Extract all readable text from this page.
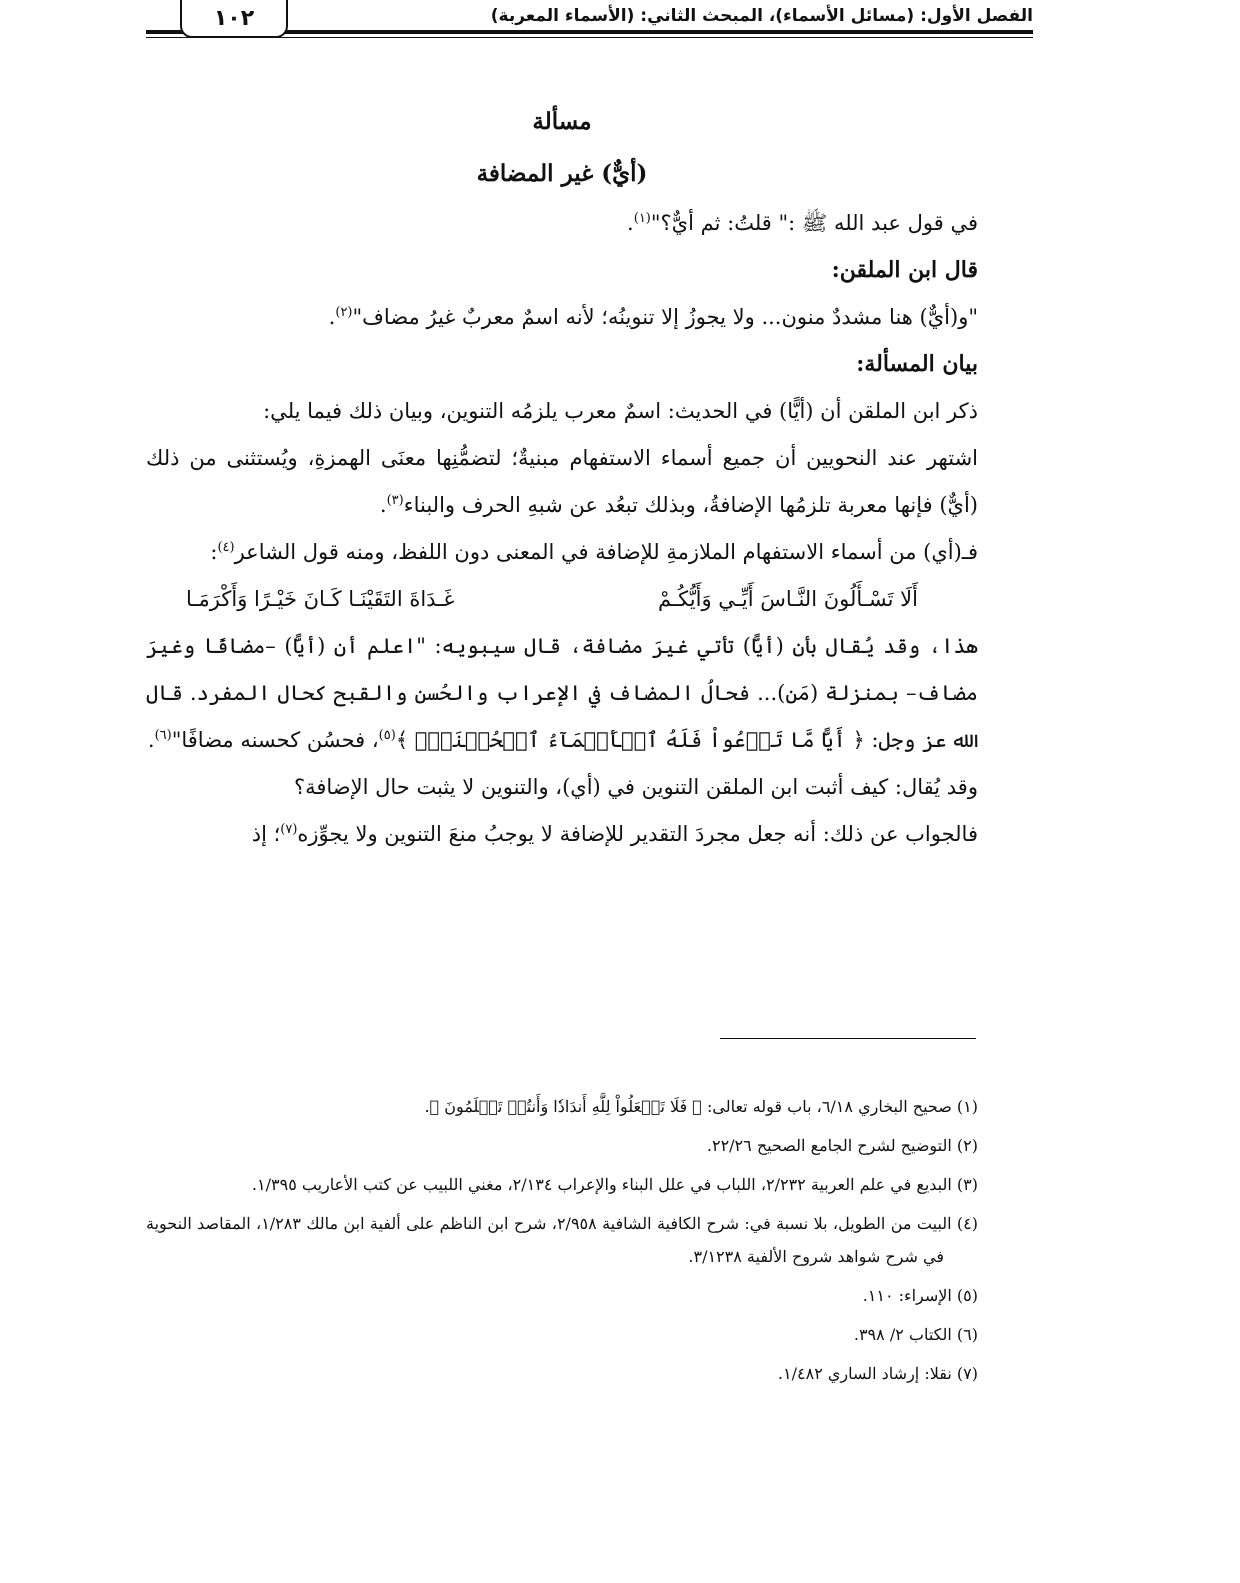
الفصل الأول: (مسائل الأسماء)، المبحث الثاني: (الأسماء المعربة)
١٠٢

مسألة

(أيٌّ) غير المضافة

في قول عبد الله ﷺ :" قلتُ: ثم أيٌّ؟"$^{(١)}$.

قال ابن الملقن:

"و(أيٌّ) هنا مشددٌ منون... ولا يجوزُ إلا تنوينُه؛ لأنه اسمٌ معربٌ غيرُ مضاف"$^{(٢)}$.

بيان المسألة:

ذكر ابن الملقن أن (أيًّا) في الحديث: اسمٌ معرب يلزمُه التنوين، وبيان ذلك فيما يلي:

اشتهر عند النحويين أن جميع أسماء الاستفهام مبنيةٌ؛ لتضمُّنِها معنَى الهمزةِ، ويُستثنى من ذلك (أيٌّ) فإنها معربة تلزمُها الإضافةُ، وبذلك تبعُد عن شبهِ الحرف والبناء$^{(٣)}$.

فـ(أي) من أسماء الاستفهام الملازمةِ للإضافة في المعنى دون اللفظ، ومنه قول الشاعر$^{(٤)}$:

أَلَا تَسْـأَلُونَ النَّـاسَ أَيِّـي وَأَيُّكُـمْ
غَـدَاةَ التَقَيْنَـا كَـانَ خَيْـرًا وَأَكْرَمَـا

هذا، وقد يُقال بأن (أيًّا) تأتي غيرَ مضافة، قال سيبويه: "اعلم أن (أيًّا) –مضافًا وغيرَ مضاف– بمنزلة (مَن)... فحالُ المضاف في الإعراب والحُسن والقبح كحال المفرد. قال الله عز وجل: ﴿ أَيًّا مَّا تَدۡعُواْ فَلَهُ ٱلۡأَسۡمَآءُ ٱلۡحُسۡنَىٰۚ ﴾$^{(٥)}$، فحسُن كحسنه مضافًا"$^{(٦)}$.

وقد يُقال: كيف أثبت ابن الملقن التنوين في (أي)، والتنوين لا يثبت حال الإضافة؟

فالجواب عن ذلك: أنه جعل مجردَ التقدير للإضافة لا يوجبُ منعَ التنوين ولا يجوِّزه$^{(٧)}$؛ إذ

(١) صحيح البخاري ٦/١٨، باب قوله تعالى: ﴿ فَلَا تَجۡعَلُواْ لِلَّهِ أَندَادٗا وَأَنتُمۡ تَعۡلَمُونَ ﴾.

(٢) التوضيح لشرح الجامع الصحيح ٢٢/٢٦.

(٣) البديع في علم العربية ٢/٢٣٢، اللباب في علل البناء والإعراب ٢/١٣٤، مغني اللبيب عن كتب الأعاريب ١/٣٩٥.

(٤) البيت من الطويل، بلا نسبة في: شرح الكافية الشافية ٢/٩٥٨، شرح ابن الناظم على ألفية ابن مالك ١/٢٨٣، المقاصد النحوية في شرح شواهد شروح الألفية ٣/١٢٣٨.

(٥) الإسراء: ١١٠.

(٦) الكتاب ٢/ ٣٩٨.

(٧) نقلا: إرشاد الساري ١/٤٨٢.
